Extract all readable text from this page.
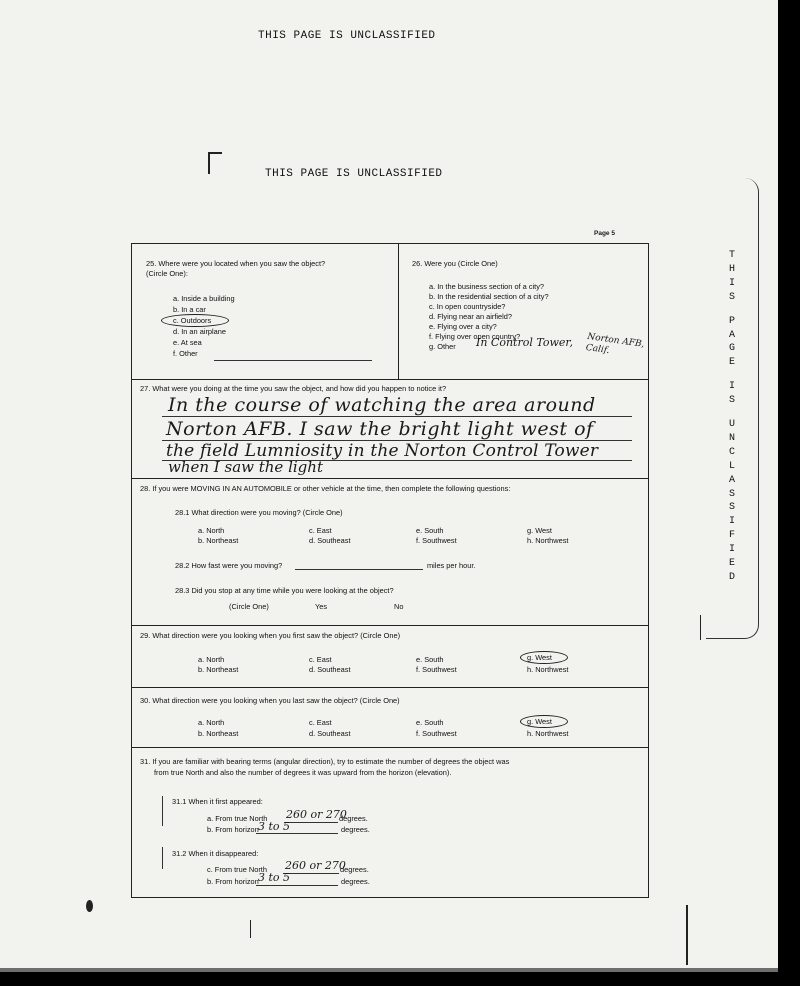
THIS PAGE IS UNCLASSIFIED
THIS PAGE IS UNCLASSIFIED
Page 5
T
H
I
S
P
A
G
E
I
S
U
N
C
L
A
S
S
I
F
I
E
D
25. Where were you located when you saw the object?
(Circle One):
a. Inside a building
b. In a car
c. Outdoors
d. In an airplane
e. At sea
f. Other
26. Were you (Circle One)
a. In the business section of a city?
b. In the residential section of a city?
c. In open countryside?
d. Flying near an airfield?
e. Flying over a city?
f. Flying over open country?
g. Other In Control Tower, Norton AFB, Calif.
27. What were you doing at the time you saw the object, and how did you happen to notice it?
In the course of watching the area around
Norton AFB. I saw the bright light west of
the field Lumniosity in the Norton Control Tower
when I saw the light
28. If you were MOVING IN AN AUTOMOBILE or other vehicle at the time, then complete the following questions:
28.1 What direction were you moving? (Circle One)
a. North	c. East	e. South	g. West
b. Northeast	d. Southeast	f. Southwest	h. Northwest
28.2 How fast were you moving?	miles per hour.
28.3 Did you stop at any time while you were looking at the object?
(Circle One)	Yes	No
29. What direction were you looking when you first saw the object? (Circle One)
a. North	c. East	e. South	g. West
b. Northeast	d. Southeast	f. Southwest	h. Northwest
30. What direction were you looking when you last saw the object? (Circle One)
a. North	c. East	e. South	g. West
b. Northeast	d. Southeast	f. Southwest	h. Northwest
31. If you are familiar with bearing terms (angular direction), try to estimate the number of degrees the object was
from true North and also the number of degrees it was upward from the horizon (elevation).
31.1 When it first appeared:
a. From true North 260 or 270
degrees.
b. From horizon 3 to 5	degrees.
31.2 When it disappeared:
c. From true North 260 or 270
degrees.
b. From horizon 3 to 5	degrees.
